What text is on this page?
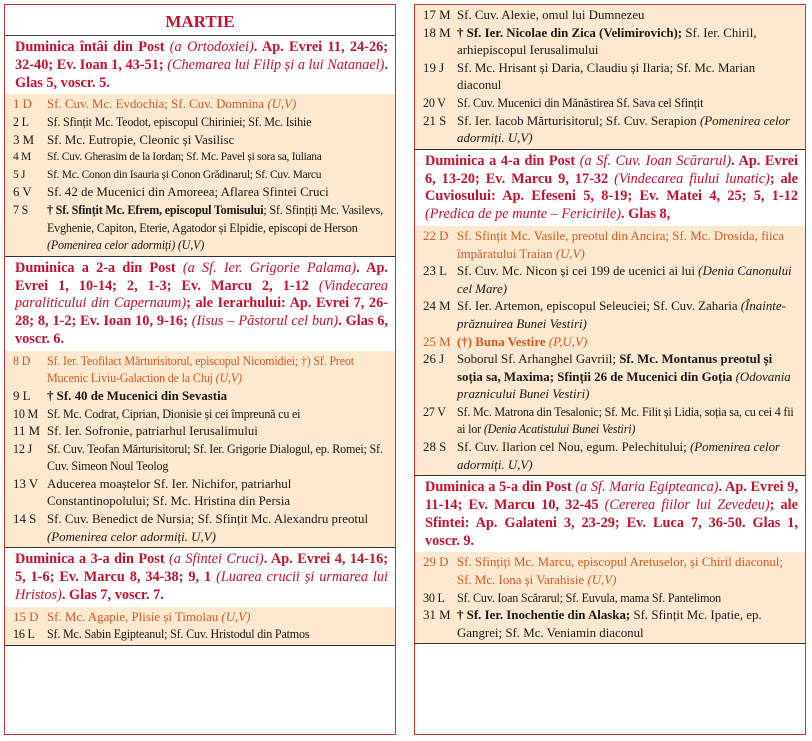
MARTIE
Duminica întâi din Post (a Ortodoxiei). Ap. Evrei 11, 24-26; 32-40; Ev. Ioan 1, 43-51; (Chemarea lui Filip și a lui Natanael). Glas 5, voscr. 5.
1 D	Sf. Cuv. Mc. Evdochia; Sf. Cuv. Domnina (U,V)
2 L	Sf. Sfințit Mc. Teodot, episcopul Chiriniei; Sf. Mc. Isihie
3 M Sf. Mc. Eutropie, Cleonic și Vasilisc
4 M	Sf. Cuv. Gherasim de la Iordan; Sf. Mc. Pavel și sora sa, Iuliana
5 J	Sf. Mc. Conon din Isauria și Conon Grădinarul; Sf. Cuv. Marcu
6 V	Sf. 42 de Mucenici din Amoreea; Aflarea Sfintei Cruci
7 S	† Sf. Sfințit Mc. Efrem, episcopul Tomisului; Sf. Sfințiți Mc. Vasilevs, Evghenie, Capiton, Eterie, Agatodor și Elpidie, episcopi de Herson (Pomenirea celor adormiți) (U,V)
Duminica a 2-a din Post (a Sf. Ier. Grigorie Palama). Ap. Evrei 1, 10-14; 2, 1-3; Ev. Marcu 2, 1-12 (Vindecarea paraliticului din Capernaum); ale Ierarhului: Ap. Evrei 7, 26-28; 8, 1-2; Ev. Ioan 10, 9-16; (Iisus – Păstorul cel bun). Glas 6, voscr. 6.
8 D	Sf. Ier. Teofilact Mărturisitorul, episcopul Nicomidiei; †) Sf. Preot Mucenic Liviu-Galaction de la Cluj (U,V)
9 L	† Sf. 40 de Mucenici din Sevastia
10 M Sf. Mc. Codrat, Ciprian, Dionisie și cei împreună cu ei
11 M Sf. Ier. Sofronie, patriarhul Ierusalimului
12 J	Sf. Cuv. Teofan Mărturisitorul; Sf. Ier. Grigorie Dialogul, ep. Romei; Sf. Cuv. Simeon Noul Teolog
13 V Aducerea moaștelor Sf. Ier. Nichifor, patriarhul Constantinopolului; Sf. Mc. Hristina din Persia
14 S Sf. Cuv. Benedict de Nursia; Sf. Sfințit Mc. Alexandru preotul (Pomenirea celor adormiți. U,V)
Duminica a 3-a din Post (a Sfintei Cruci). Ap. Evrei 4, 14-16; 5, 1-6; Ev. Marcu 8, 34-38; 9, 1 (Luarea crucii și urmarea lui Hristos). Glas 7, voscr. 7.
15 D Sf. Mc. Agapie, Plisie și Timolau (U,V)
16 L	Sf. Mc. Sabin Egipteanul; Sf. Cuv. Hristodul din Patmos
17 M Sf. Cuv. Alexie, omul lui Dumnezeu
18 M † Sf. Ier. Nicolae din Zica (Velimirovich); Sf. Ier. Chiril, arhiepiscopul Ierusalimului
19 J Sf. Mc. Hrisant și Daria, Claudiu și Ilaria; Sf. Mc. Marian diaconul
20 V Sf. Cuv. Mucenici din Mănăstirea Sf. Sava cel Sfințit
21 S Sf. Ier. Iacob Mărturisitorul; Sf. Cuv. Serapion (Pomenirea celor adormiți. U,V)
Duminica a 4-a din Post (a Sf. Cuv. Ioan Scărarul). Ap. Evrei 6, 13-20; Ev. Marcu 9, 17-32 (Vindecarea fiului lunatic); ale Cuviosului: Ap. Efeseni 5, 8-19; Ev. Matei 4, 25; 5, 1-12 (Predica de pe munte – Fericirile). Glas 8,
22 D Sf. Sfințit Mc. Vasile, preotul din Ancira; Sf. Mc. Drosida, fiica împăratului Traian (U,V)
23 L Sf. Cuv. Mc. Nicon și cei 199 de ucenici ai lui (Denia Canonului cel Mare)
24 M Sf. Ier. Artemon, episcopul Seleuciei; Sf. Cuv. Zaharia (Înainte-prăznuirea Bunei Vestiri)
25 M (†) Buna Vestire (P,U,V)
26 J Soborul Sf. Arhanghel Gavriil; Sf. Mc. Montanus preotul și soția sa, Maxima; Sfinții 26 de Mucenici din Goția (Odovania praznicului Bunei Vestiri)
27 V Sf. Mc. Matrona din Tesalonic; Sf. Mc. Filit și Lidia, soția sa, cu cei 4 fii ai lor (Denia Acatistului Bunei Vestiri)
28 S Sf. Cuv. Ilarion cel Nou, egum. Pelechitului; (Pomenirea celor adormiți. U,V)
Duminica a 5-a din Post (a Sf. Maria Egipteanca). Ap. Evrei 9, 11-14; Ev. Marcu 10, 32-45 (Cererea fiilor lui Zevedeu); ale Sfintei: Ap. Galateni 3, 23-29; Ev. Luca 7, 36-50. Glas 1, voscr. 9.
29 D Sf. Sfințiți Mc. Marcu, episcopul Aretuselor, și Chiril diaconul; Sf. Mc. Iona și Varahisie (U,V)
30 L	Sf. Cuv. Ioan Scărarul; Sf. Euvula, mama Sf. Pantelimon
31 M † Sf. Ier. Inochentie din Alaska; Sf. Sfințit Mc. Ipatie, ep. Gangrei; Sf. Mc. Veniamin diaconul
